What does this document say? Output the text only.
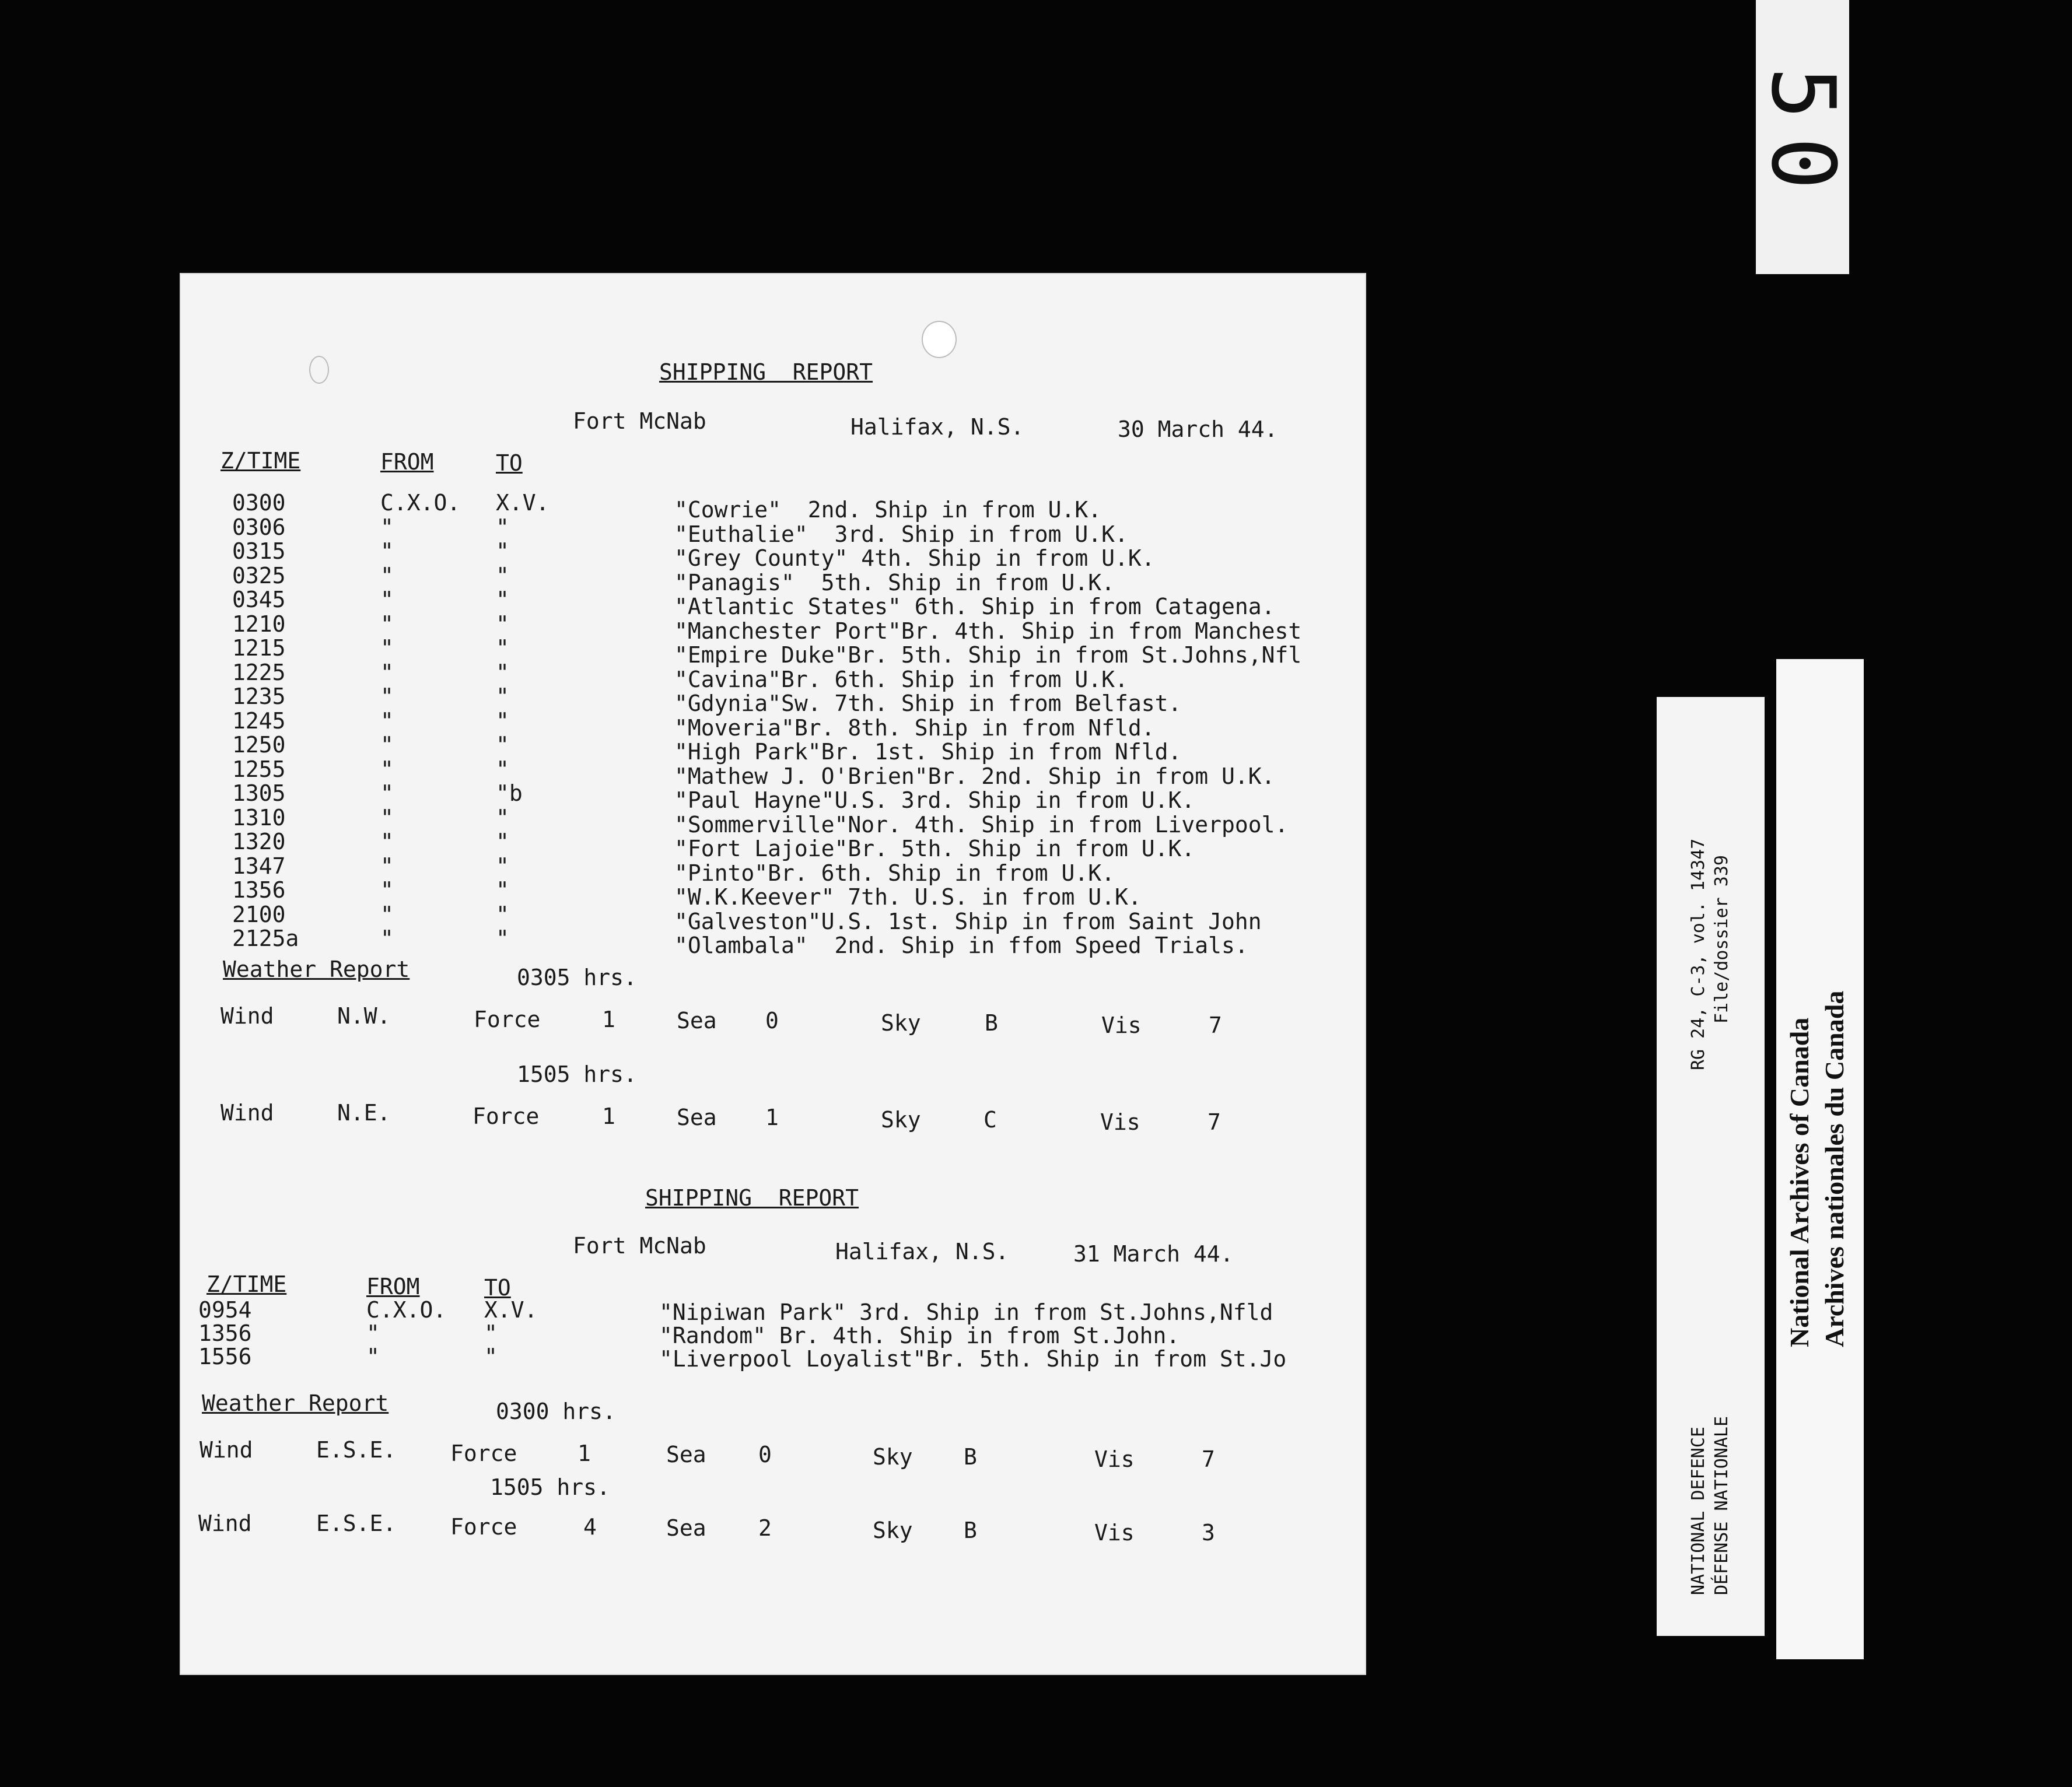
50
SHIPPING  REPORT
Fort McNab	Halifax, N.S.	30 March 44.
Z/TIME	FROM	TO
0300	C.X.O. X.V.	"Cowrie"  2nd. Ship in from U.K.
0306	"	"	"Euthalie"  3rd. Ship in from U.K.
0315	"	"	"Grey County" 4th. Ship in from U.K.
0325	"	"	"Panagis"  5th. Ship in from U.K.
0345	"	"	"Atlantic States" 6th. Ship in from Catagena.
1210	"	"	"Manchester Port"Br. 4th. Ship in from Manchest
1215	"	"	"Empire Duke"Br. 5th. Ship in from St.Johns,Nfl
1225	"	"	"Cavina"Br. 6th. Ship in from U.K.
1235	"	"	"Gdynia"Sw. 7th. Ship in from Belfast.
1245	"	"	"Moveria"Br. 8th. Ship in from Nfld.
1250	"	"	"High Park"Br. 1st. Ship in from Nfld.
1255	"	"	"Mathew J. O'Brien"Br. 2nd. Ship in from U.K.
1305	"	"b	"Paul Hayne"U.S. 3rd. Ship in from U.K.
1310	"	"	"Sommerville"Nor. 4th. Ship in from Liverpool.
1320	"	"	"Fort Lajoie"Br. 5th. Ship in from U.K.
1347	"	"	"Pinto"Br. 6th. Ship in from U.K.
1356	"	"	"W.K.Keever" 7th. U.S. in from U.K.
2100	"	"	"Galveston"U.S. 1st. Ship in from Saint John
2125a	"	"	"Olambala"  2nd. Ship in ffom Speed Trials.
Weather Report	0305 hrs.
Wind	N.W.	Force	1	Sea 0	Sky	B	Vis	7
1505 hrs.
Wind	N.E.	Force	1	Sea 1	Sky	C	Vis	7
SHIPPING  REPORT
Fort McNab	Halifax, N.S.	31 March 44.
Z/TIME	FROM	TO
0954	C.X.O. X.V.	"Nipiwan Park" 3rd. Ship in from St.Johns,Nfld
1356	"	"	"Random" Br. 4th. Ship in from St.John.
1556	"	"	"Liverpool Loyalist"Br. 5th. Ship in from St.Jo
Weather Report	0300 hrs.
Wind	E.S.E. Force	1	Sea 0	Sky B	Vis	7
1505 hrs.
Wind	E.S.E. Force	4	Sea 2	Sky B	Vis	3
RG 24, C-3, vol. 14347 File/dossier 339
NATIONAL DEFENCE DÉFENSE NATIONALE
National Archives of Canada Archives nationales du Canada
